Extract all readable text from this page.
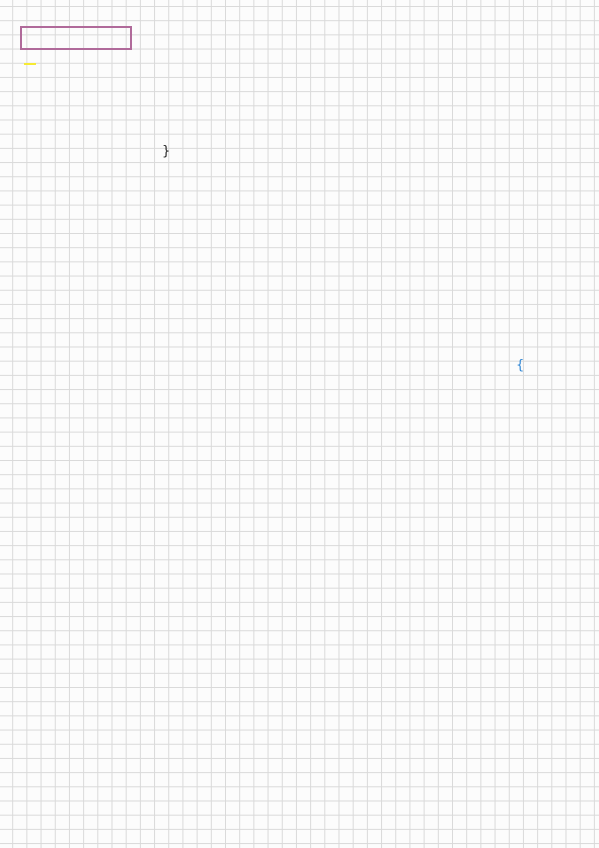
}
{
